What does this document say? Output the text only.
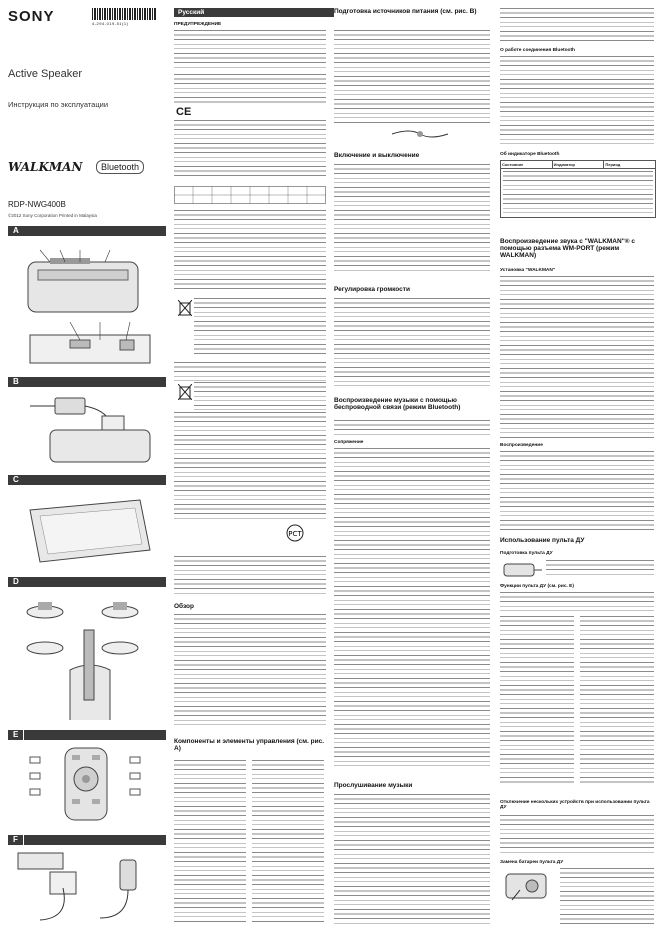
SONY	4-294-019-51(1)
Active Speaker
Инструкция по эксплуатации
WALKMAN	Bluetooth
RDP-NWG400B
©2012 Sony Corporation Printed in Malaysia
A
B
C
D
E
F
Русский
ПРЕДУПРЕЖДЕНИЕ
CE
PCT
Обзор
Компоненты и элементы управления (см. рис. A)
Подготовка источников питания (см. рис. B)
Включение и выключение
Регулировка громкости
Воспроизведение музыки с помощью беспроводной связи (режим Bluetooth)
Сопряжение
Прослушивание музыки
О работе соединения Bluetooth
Об индикаторе Bluetooth
Состояние	Индикатор	Период
Воспроизведение звука с "WALKMAN"® с помощью разъема WM-PORT (режим WALKMAN)
Установка "WALKMAN"
Воспроизведение
Использование пульта ДУ
Подготовка пульта ДУ
Функции пульта ДУ (см. рис. E)
Отключение нескольких устройств при использовании пульта ДУ
Замена батареи пульта ДУ
